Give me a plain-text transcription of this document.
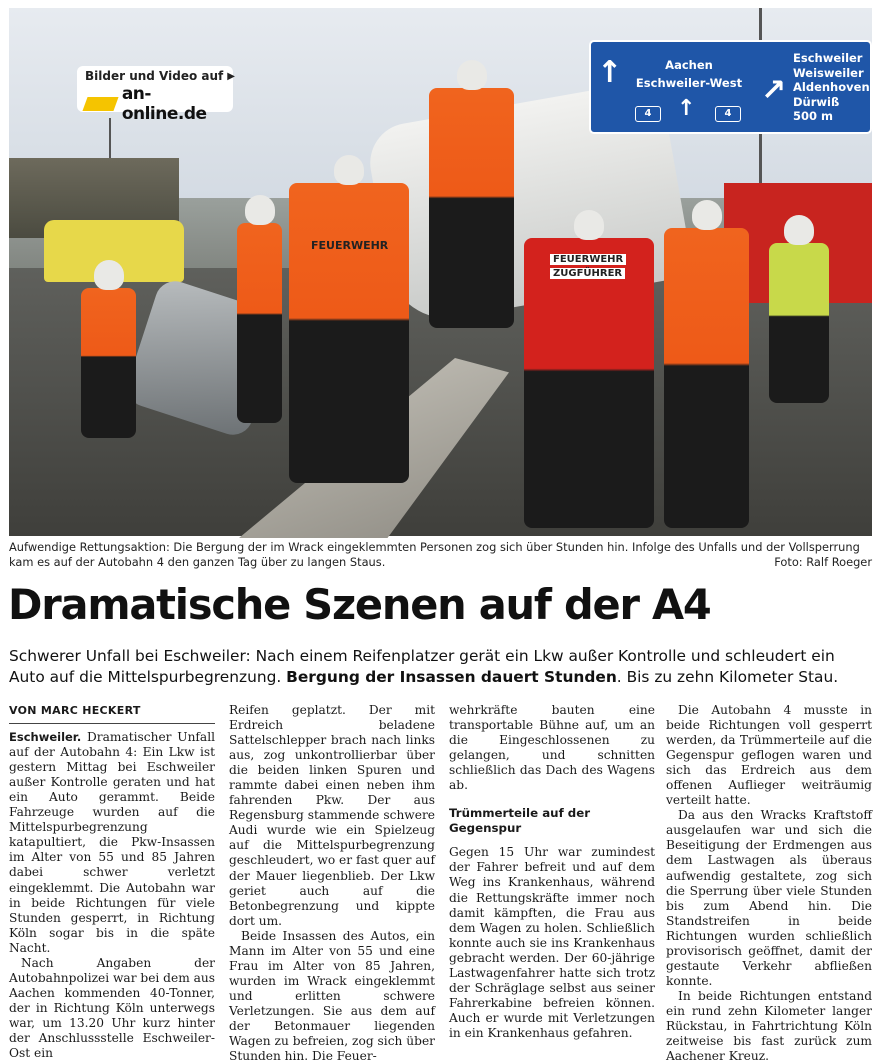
FEUERWEHR
FEUERWEHR
ZUGFÜHRER
Bilder und Video auf ▶
an-online.de
↑	Aachen
Eschweiler-West
4	↑	4
↗
Eschweiler
Weisweiler
Aldenhoven
Dürwiß
500 m
Aufwendige Rettungsaktion: Die Bergung der im Wrack eingeklemmten Personen zog sich über Stunden hin. Infolge des Unfalls und der Vollsperrung kam es auf der Autobahn 4 den ganzen Tag über zu langen Staus.	Foto: Ralf Roeger
Dramatische Szenen auf der A4

Schwerer Unfall bei Eschweiler: Nach einem Reifenplatzer gerät ein Lkw außer Kontrolle und schleudert ein Auto auf die Mittelspurbegrenzung. Bergung der Insassen dauert Stunden. Bis zu zehn Kilometer Stau.

VON MARC HECKERT

Eschweiler. Dramatischer Unfall auf der Autobahn 4: Ein Lkw ist gestern Mittag bei Eschweiler außer Kontrolle geraten und hat ein Auto gerammt. Beide Fahrzeuge wurden auf die Mittelspurbegrenzung katapultiert, die Pkw-Insassen im Alter von 55 und 85 Jahren dabei schwer verletzt eingeklemmt. Die Autobahn war in beide Richtungen für viele Stunden gesperrt, in Richtung Köln sogar bis in die späte Nacht.

Nach Angaben der Autobahnpolizei war bei dem aus Aachen kommenden 40-Tonner, der in Richtung Köln unterwegs war, um 13.20 Uhr kurz hinter der Anschlussstelle Eschweiler-Ost ein

Reifen geplatzt. Der mit Erdreich beladene Sattelschlepper brach nach links aus, zog unkontrollierbar über die beiden linken Spuren und rammte dabei einen neben ihm fahrenden Pkw. Der aus Regensburg stammende schwere Audi wurde wie ein Spielzeug auf die Mittelspurbegrenzung geschleudert, wo er fast quer auf der Mauer liegenblieb. Der Lkw geriet auch auf die Betonbegrenzung und kippte dort um.

Beide Insassen des Autos, ein Mann im Alter von 55 und eine Frau im Alter von 85 Jahren, wurden im Wrack eingeklemmt und erlitten schwere Verletzungen. Sie aus dem auf der Betonmauer liegenden Wagen zu befreien, zog sich über Stunden hin. Die Feuer-

wehrkräfte bauten eine transportable Bühne auf, um an die Eingeschlossenen zu gelangen, und schnitten schließlich das Dach des Wagens ab.

Trümmerteile auf der Gegenspur

Gegen 15 Uhr war zumindest der Fahrer befreit und auf dem Weg ins Krankenhaus, während die Rettungskräfte immer noch damit kämpften, die Frau aus dem Wagen zu holen. Schließlich konnte auch sie ins Krankenhaus gebracht werden. Der 60-jährige Lastwagenfahrer hatte sich trotz der Schräglage selbst aus seiner Fahrerkabine befreien können. Auch er wurde mit Verletzungen in ein Krankenhaus gefahren.

Die Autobahn 4 musste in beide Richtungen voll gesperrt werden, da Trümmerteile auf die Gegenspur geflogen waren und sich das Erdreich aus dem offenen Auflieger weiträumig verteilt hatte.

Da aus den Wracks Kraftstoff ausgelaufen war und sich die Beseitigung der Erdmengen aus dem Lastwagen als überaus aufwendig gestaltete, zog sich die Sperrung über viele Stunden bis zum Abend hin. Die Standstreifen in beide Richtungen wurden schließlich provisorisch geöffnet, damit der gestaute Verkehr abfließen konnte.

In beide Richtungen entstand ein rund zehn Kilometer langer Rückstau, in Fahrtrichtung Köln zeitweise bis fast zurück zum Aachener Kreuz.
